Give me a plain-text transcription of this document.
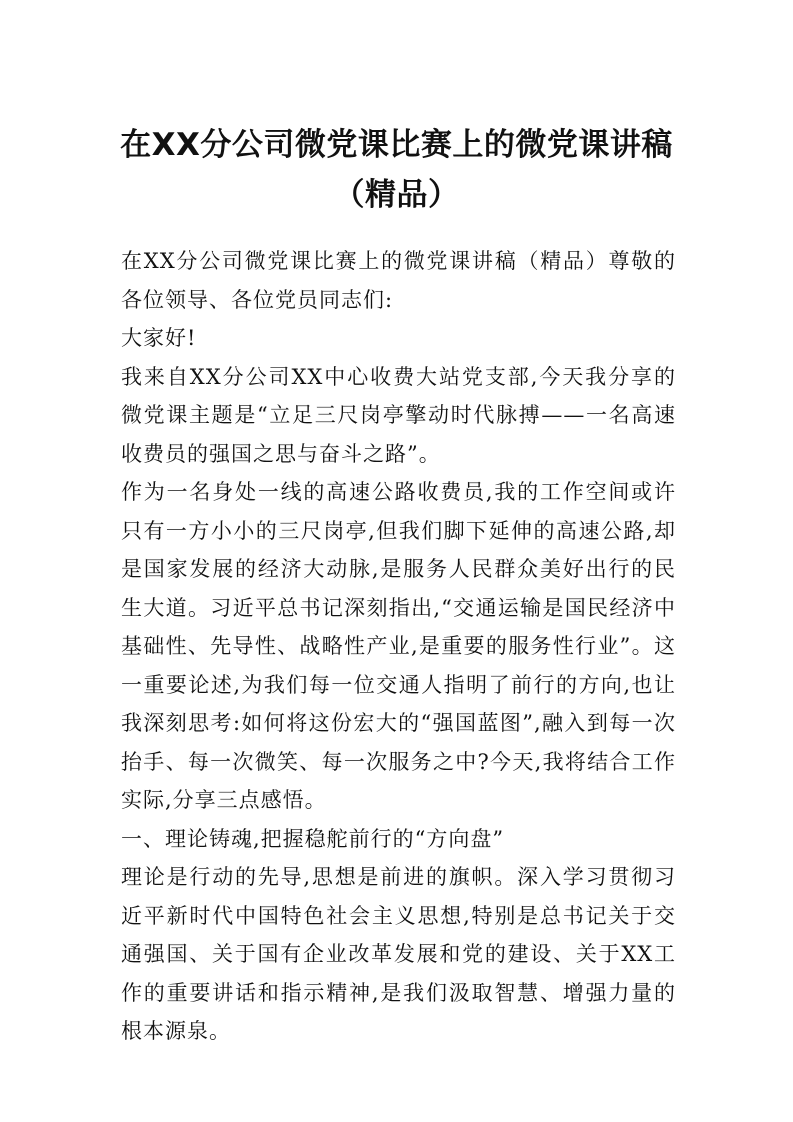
在XX分公司微党课比赛上的微党课讲稿
（精品）

在XX分公司微党课比赛上的微党课讲稿（精品）尊敬的各位领导、各位党员同志们:

大家好!

我来自XX分公司XX中心收费大站党支部,今天我分享的微党课主题是“立足三尺岗亭擎动时代脉搏——一名高速收费员的强国之思与奋斗之路”。

作为一名身处一线的高速公路收费员,我的工作空间或许只有一方小小的三尺岗亭,但我们脚下延伸的高速公路,却是国家发展的经济大动脉,是服务人民群众美好出行的民生大道。习近平总书记深刻指出,“交通运输是国民经济中基础性、先导性、战略性产业,是重要的服务性行业”。这一重要论述,为我们每一位交通人指明了前行的方向,也让我深刻思考:如何将这份宏大的“强国蓝图”,融入到每一次抬手、每一次微笑、每一次服务之中?今天,我将结合工作实际,分享三点感悟。

一、理论铸魂,把握稳舵前行的“方向盘”

理论是行动的先导,思想是前进的旗帜。深入学习贯彻习近平新时代中国特色社会主义思想,特别是总书记关于交通强国、关于国有企业改革发展和党的建设、关于XX工作的重要讲话和指示精神,是我们汲取智慧、增强力量的根本源泉。
